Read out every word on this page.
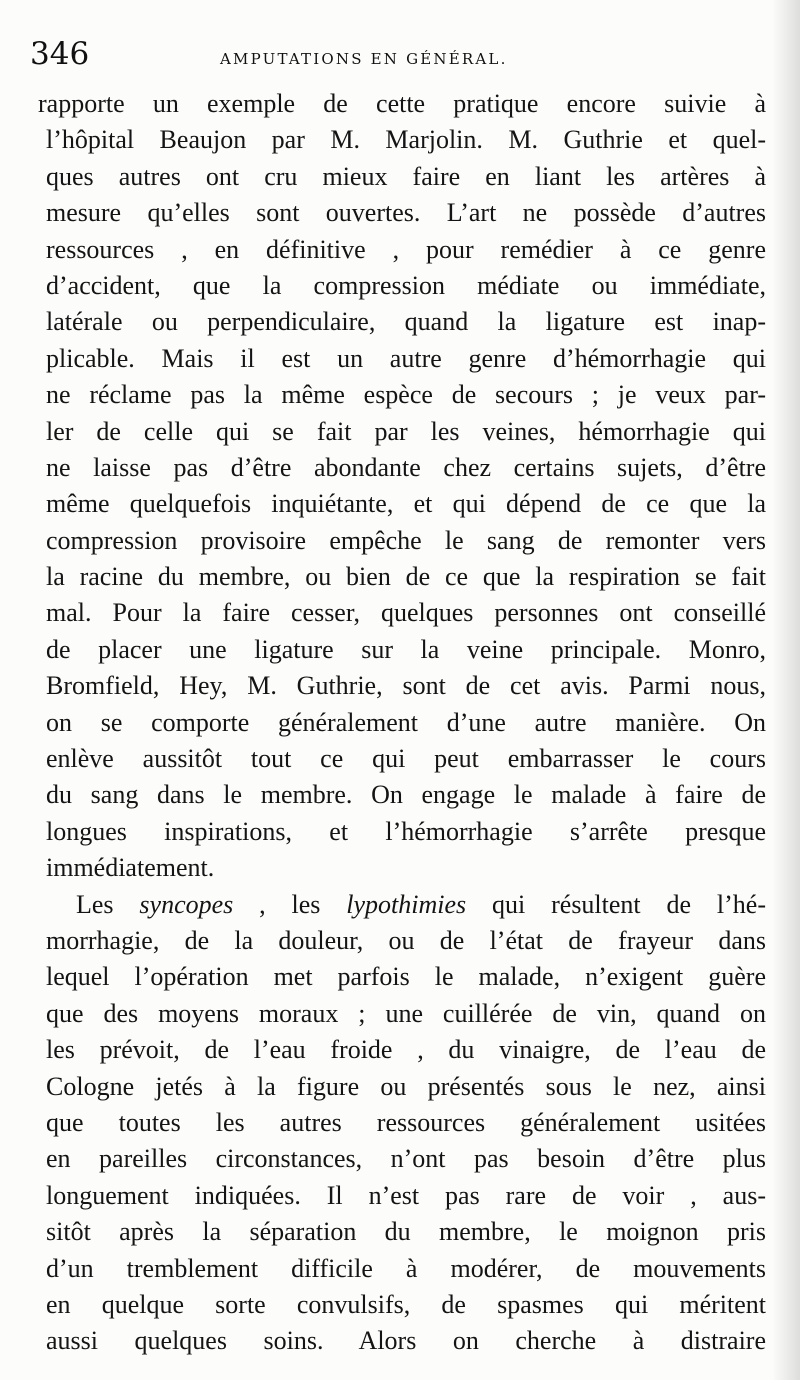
346	AMPUTATIONS EN GÉNÉRAL.
rapporte un exemple de cette pratique encore suivie à
l’hôpital Beaujon par M. Marjolin. M. Guthrie et quel-
ques autres ont cru mieux faire en liant les artères à
mesure qu’elles sont ouvertes. L’art ne possède d’autres
ressources , en définitive , pour remédier à ce genre
d’accident, que la compression médiate ou immédiate,
latérale ou perpendiculaire, quand la ligature est inap-
plicable. Mais il est un autre genre d’hémorrhagie qui
ne réclame pas la même espèce de secours ; je veux par-
ler de celle qui se fait par les veines, hémorrhagie qui
ne laisse pas d’être abondante chez certains sujets, d’être
même quelquefois inquiétante, et qui dépend de ce que la
compression provisoire empêche le sang de remonter vers
la racine du membre, ou bien de ce que la respiration se fait
mal. Pour la faire cesser, quelques personnes ont conseillé
de placer une ligature sur la veine principale. Monro,
Bromfield, Hey, M. Guthrie, sont de cet avis. Parmi nous,
on se comporte généralement d’une autre manière. On
enlève aussitôt tout ce qui peut embarrasser le cours
du sang dans le membre. On engage le malade à faire de
longues inspirations, et l’hémorrhagie s’arrête presque
immédiatement.
Les syncopes , les lypothimies qui résultent de l’hé-
morrhagie, de la douleur, ou de l’état de frayeur dans
lequel l’opération met parfois le malade, n’exigent guère
que des moyens moraux ; une cuillérée de vin, quand on
les prévoit, de l’eau froide , du vinaigre, de l’eau de
Cologne jetés à la figure ou présentés sous le nez, ainsi
que toutes les autres ressources généralement usitées
en pareilles circonstances, n’ont pas besoin d’être plus
longuement indiquées. Il n’est pas rare de voir , aus-
sitôt après la séparation du membre, le moignon pris
d’un tremblement difficile à modérer, de mouvements
en quelque sorte convulsifs, de spasmes qui méritent
aussi quelques soins. Alors on cherche à distraire
